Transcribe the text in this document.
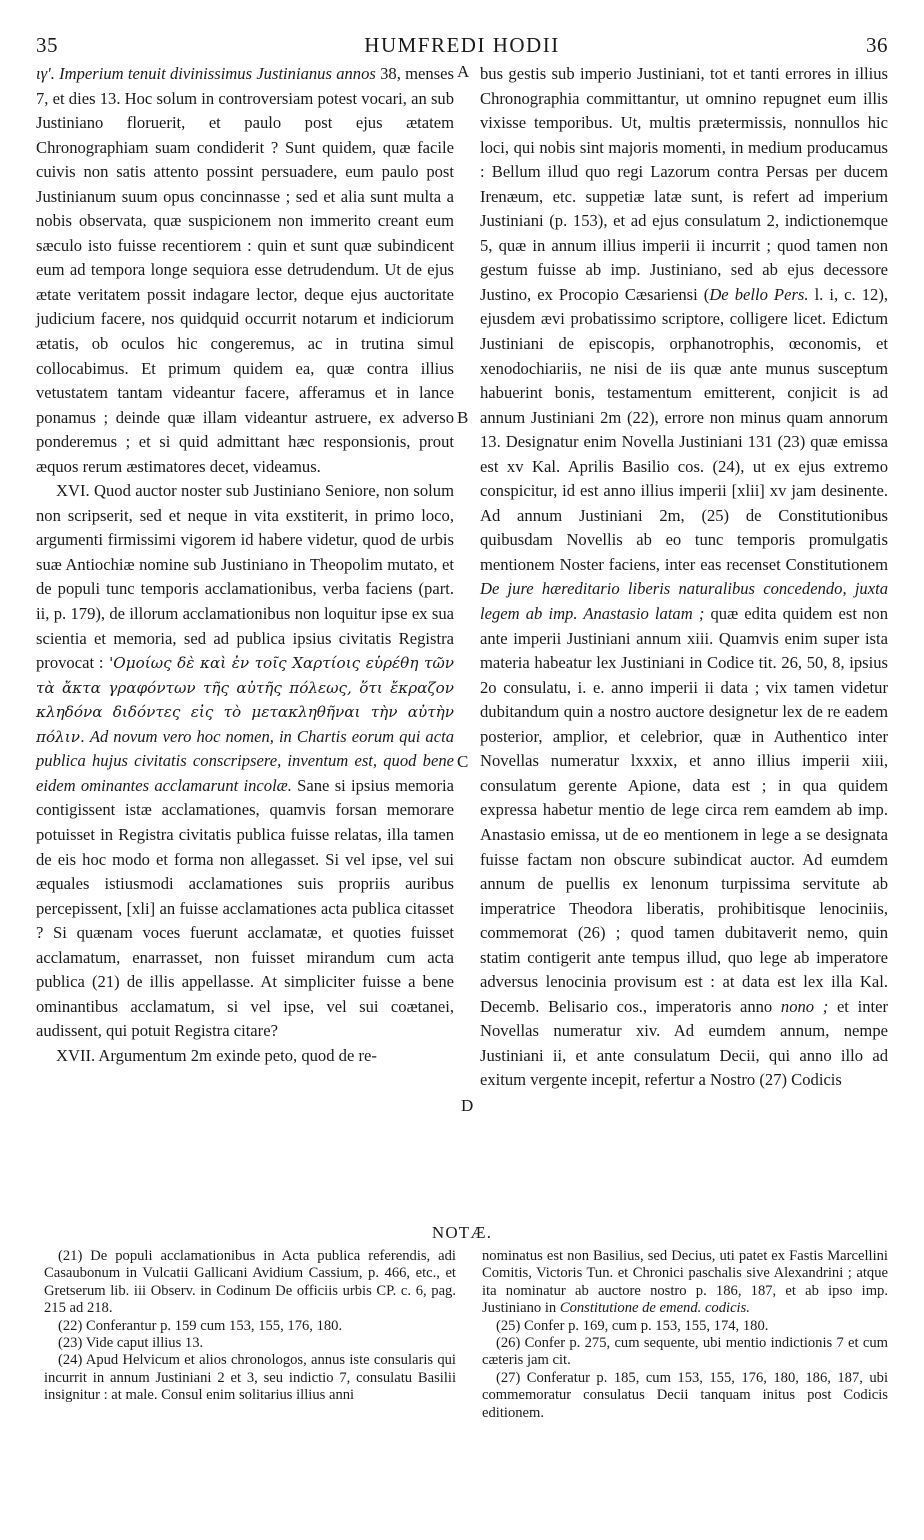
35	HUMFREDI HODII	36
A
B
C
D

ιγ'. Imperium tenuit divinissimus Justinianus annos 38, menses 7, et dies 13. Hoc solum in controversiam potest vocari, an sub Justiniano floruerit, et paulo post ejus ætatem Chronographiam suam condiderit ? Sunt quidem, quæ facile cuivis non satis attento possint persuadere, eum paulo post Justinianum suum opus concinnasse ; sed et alia sunt multa a nobis observata, quæ suspicionem non immerito creant eum sæculo isto fuisse recentiorem : quin et sunt quæ subindicent eum ad tempora longe sequiora esse detrudendum. Ut de ejus ætate veritatem possit indagare lector, deque ejus auctoritate judicium facere, nos quidquid occurrit notarum et indiciorum ætatis, ob oculos hic congeremus, ac in trutina simul collocabimus. Et primum quidem ea, quæ contra illius vetustatem tantam videantur facere, afferamus et in lance ponamus ; deinde quæ illam videantur astruere, ex adverso ponderemus ; et si quid admittant hæc responsionis, prout æquos rerum æstimatores decet, videamus.

XVI. Quod auctor noster sub Justiniano Seniore, non solum non scripserit, sed et neque in vita exstiterit, in primo loco, argumenti firmissimi vigorem id habere videtur, quod de urbis suæ Antiochiæ nomine sub Justiniano in Theopolim mutato, et de populi tunc temporis acclamationibus, verba faciens (part. ii, p. 179), de illorum acclamationibus non loquitur ipse ex sua scientia et memoria, sed ad publica ipsius civitatis Registra provocat : 'Ομοίως δὲ καὶ ἐν τοῖς Χαρτίοις εὑρέθη τῶν τὰ ἄκτα γραφόντων τῆς αὐτῆς πόλεως, ὅτι ἔκραζον κληδόνα διδόντες εἰς τὸ μετακληθῆναι τὴν αὐτὴν πόλιν. Ad novum vero hoc nomen, in Chartis eorum qui acta publica hujus civitatis conscripsere, inventum est, quod bene eidem ominantes acclamarunt incolæ. Sane si ipsius memoria contigissent istæ acclamationes, quamvis forsan memorare potuisset in Registra civitatis publica fuisse relatas, illa tamen de eis hoc modo et forma non allegasset. Si vel ipse, vel sui æquales istiusmodi acclamationes suis propriis auribus percepissent, [xli] an fuisse acclamationes acta publica citasset ? Si quænam voces fuerunt acclamatæ, et quoties fuisset acclamatum, enarrasset, non fuisset mirandum cum acta publica (21) de illis appellasse. At simpliciter fuisse a bene ominantibus acclamatum, si vel ipse, vel sui coætanei, audissent, qui potuit Registra citare?

XVII. Argumentum 2m exinde peto, quod de re-

bus gestis sub imperio Justiniani, tot et tanti errores in illius Chronographia committantur, ut omnino repugnet eum illis vixisse temporibus. Ut, multis prætermissis, nonnullos hic loci, qui nobis sint majoris momenti, in medium producamus : Bellum illud quo regi Lazorum contra Persas per ducem Irenæum, etc. suppetiæ latæ sunt, is refert ad imperium Justiniani (p. 153), et ad ejus consulatum 2, indictionemque 5, quæ in annum illius imperii ii incurrit ; quod tamen non gestum fuisse ab imp. Justiniano, sed ab ejus decessore Justino, ex Procopio Cæsariensi (De bello Pers. l. i, c. 12), ejusdem ævi probatissimo scriptore, colligere licet. Edictum Justiniani de episcopis, orphanotrophis, œconomis, et xenodochiariis, ne nisi de iis quæ ante munus susceptum habuerint bonis, testamentum emitterent, conjicit is ad annum Justiniani 2m (22), errore non minus quam annorum 13. Designatur enim Novella Justiniani 131 (23) quæ emissa est xv Kal. Aprilis Basilio cos. (24), ut ex ejus extremo conspicitur, id est anno illius imperii [xlii] xv jam desinente. Ad annum Justiniani 2m, (25) de Constitutionibus quibusdam Novellis ab eo tunc temporis promulgatis mentionem Noster faciens, inter eas recenset Constitutionem De jure hæreditario liberis naturalibus concedendo, juxta legem ab imp. Anastasio latam ; quæ edita quidem est non ante imperii Justiniani annum xiii. Quamvis enim super ista materia habeatur lex Justiniani in Codice tit. 26, 50, 8, ipsius 2o consulatu, i. e. anno imperii ii data ; vix tamen videtur dubitandum quin a nostro auctore designetur lex de re eadem posterior, amplior, et celebrior, quæ in Authentico inter Novellas numeratur lxxxix, et anno illius imperii xiii, consulatum gerente Apione, data est ; in qua quidem expressa habetur mentio de lege circa rem eamdem ab imp. Anastasio emissa, ut de eo mentionem in lege a se designata fuisse factam non obscure subindicat auctor. Ad eumdem annum de puellis ex lenonum turpissima servitute ab imperatrice Theodora liberatis, prohibitisque lenociniis, commemorat (26) ; quod tamen dubitaverit nemo, quin statim contigerit ante tempus illud, quo lege ab imperatore adversus lenocinia provisum est : at data est lex illa Kal. Decemb. Belisario cos., imperatoris anno nono ; et inter Novellas numeratur xiv. Ad eumdem annum, nempe Justiniani ii, et ante consulatum Decii, qui anno illo ad exitum vergente incepit, refertur a Nostro (27) Codicis

NOTÆ.

(21) De populi acclamationibus in Acta publica referendis, adi Casaubonum in Vulcatii Gallicani Avidium Cassium, p. 466, etc., et Gretserum lib. iii Observ. in Codinum De officiis urbis CP. c. 6, pag. 215 ad 218.

(22) Conferantur p. 159 cum 153, 155, 176, 180.

(23) Vide caput illius 13.

(24) Apud Helvicum et alios chronologos, annus iste consularis qui incurrit in annum Justiniani 2 et 3, seu indictio 7, consulatu Basilii insignitur : at male. Consul enim solitarius illius anni

nominatus est non Basilius, sed Decius, uti patet ex Fastis Marcellini Comitis, Victoris Tun. et Chronici paschalis sive Alexandrini ; atque ita nominatur ab auctore nostro p. 186, 187, et ab ipso imp. Justiniano in Constitutione de emend. codicis.

(25) Confer p. 169, cum p. 153, 155, 174, 180.

(26) Confer p. 275, cum sequente, ubi mentio indictionis 7 et cum cæteris jam cit.

(27) Conferatur p. 185, cum 153, 155, 176, 180, 186, 187, ubi commemoratur consulatus Decii tanquam initus post Codicis editionem.
